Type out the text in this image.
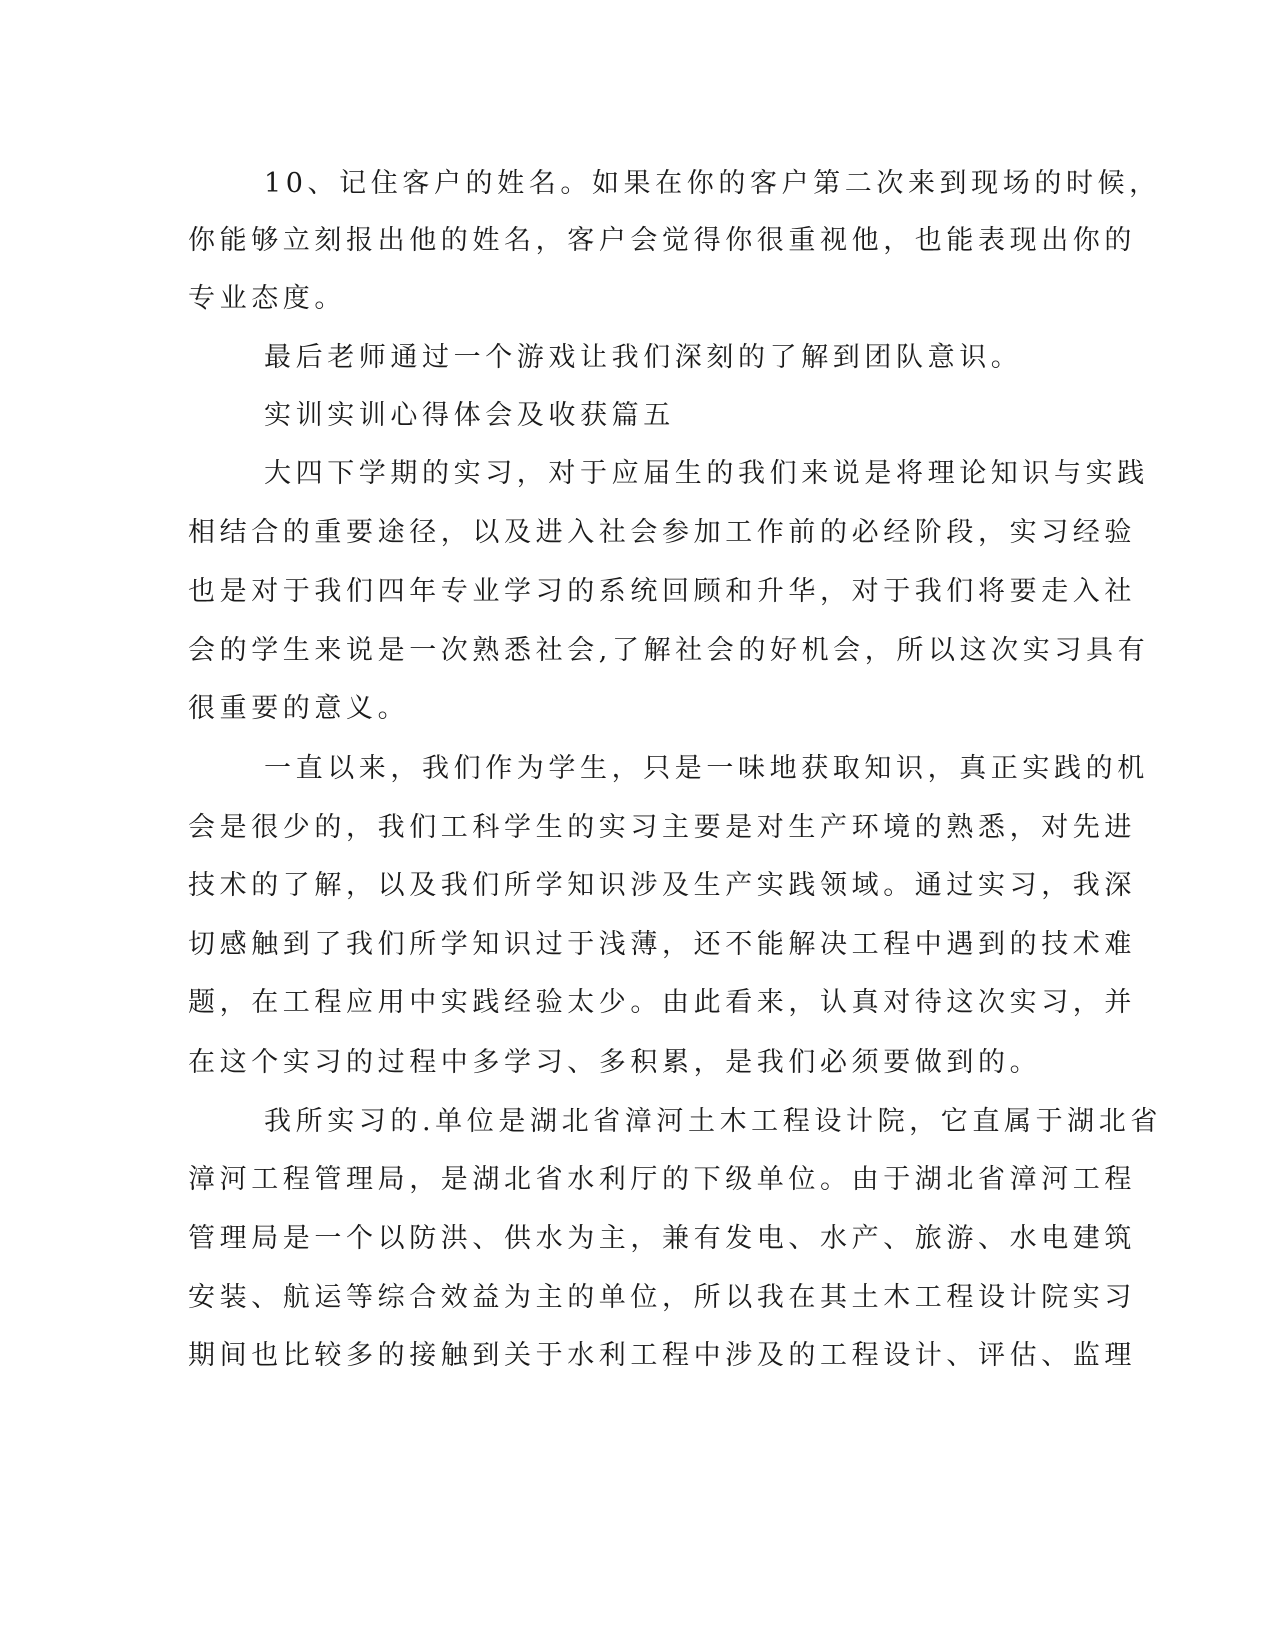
10、记住客户的姓名。如果在你的客户第二次来到现场的时候，
你能够立刻报出他的姓名，客户会觉得你很重视他，也能表现出你的
专业态度。
最后老师通过一个游戏让我们深刻的了解到团队意识。
实训实训心得体会及收获篇五
大四下学期的实习，对于应届生的我们来说是将理论知识与实践
相结合的重要途径，以及进入社会参加工作前的必经阶段，实习经验
也是对于我们四年专业学习的系统回顾和升华，对于我们将要走入社
会的学生来说是一次熟悉社会,了解社会的好机会，所以这次实习具有
很重要的意义。
一直以来，我们作为学生，只是一味地获取知识，真正实践的机
会是很少的，我们工科学生的实习主要是对生产环境的熟悉，对先进
技术的了解，以及我们所学知识涉及生产实践领域。通过实习，我深
切感触到了我们所学知识过于浅薄，还不能解决工程中遇到的技术难
题，在工程应用中实践经验太少。由此看来，认真对待这次实习，并
在这个实习的过程中多学习、多积累，是我们必须要做到的。
我所实习的.单位是湖北省漳河土木工程设计院，它直属于湖北省
漳河工程管理局，是湖北省水利厅的下级单位。由于湖北省漳河工程
管理局是一个以防洪、供水为主，兼有发电、水产、旅游、水电建筑
安装、航运等综合效益为主的单位，所以我在其土木工程设计院实习
期间也比较多的接触到关于水利工程中涉及的工程设计、评估、监理
